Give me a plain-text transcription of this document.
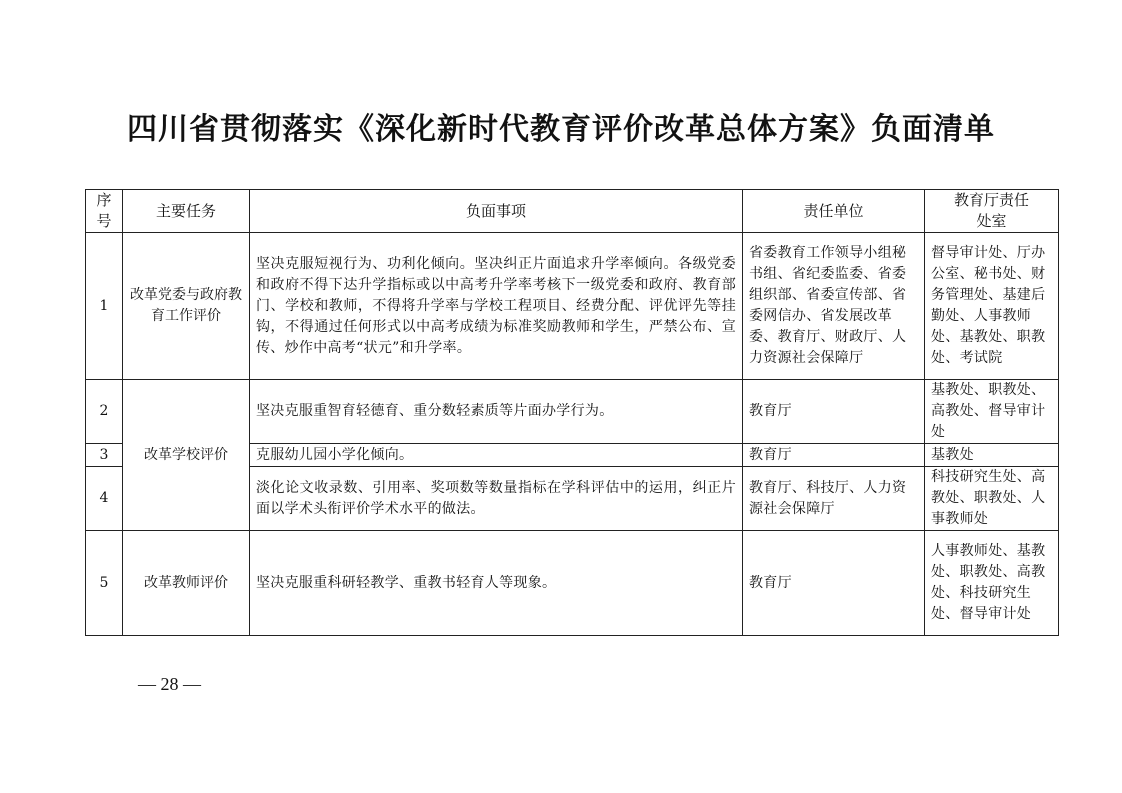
四川省贯彻落实《深化新时代教育评价改革总体方案》负面清单
序号	主要任务	负面事项	责任单位	教育厅责任处室
1	改革党委与政府教育工作评价	坚决克服短视行为、功利化倾向。坚决纠正片面追求升学率倾向。各级党委和政府不得下达升学指标或以中高考升学率考核下一级党委和政府、教育部门、学校和教师，不得将升学率与学校工程项目、经费分配、评优评先等挂钩，不得通过任何形式以中高考成绩为标准奖励教师和学生，严禁公布、宣传、炒作中高考“状元”和升学率。	省委教育工作领导小组秘书组、省纪委监委、省委组织部、省委宣传部、省委网信办、省发展改革委、教育厅、财政厅、人力资源社会保障厅	督导审计处、厅办公室、秘书处、财务管理处、基建后勤处、人事教师处、基教处、职教处、考试院
2	改革学校评价	坚决克服重智育轻德育、重分数轻素质等片面办学行为。	教育厅	基教处、职教处、高教处、督导审计处
3		克服幼儿园小学化倾向。	教育厅	基教处
4		淡化论文收录数、引用率、奖项数等数量指标在学科评估中的运用，纠正片面以学术头衔评价学术水平的做法。	教育厅、科技厅、人力资源社会保障厅	科技研究生处、高教处、职教处、人事教师处
5	改革教师评价	坚决克服重科研轻教学、重教书轻育人等现象。	教育厅	人事教师处、基教处、职教处、高教处、科技研究生处、督导审计处
— 28 —
